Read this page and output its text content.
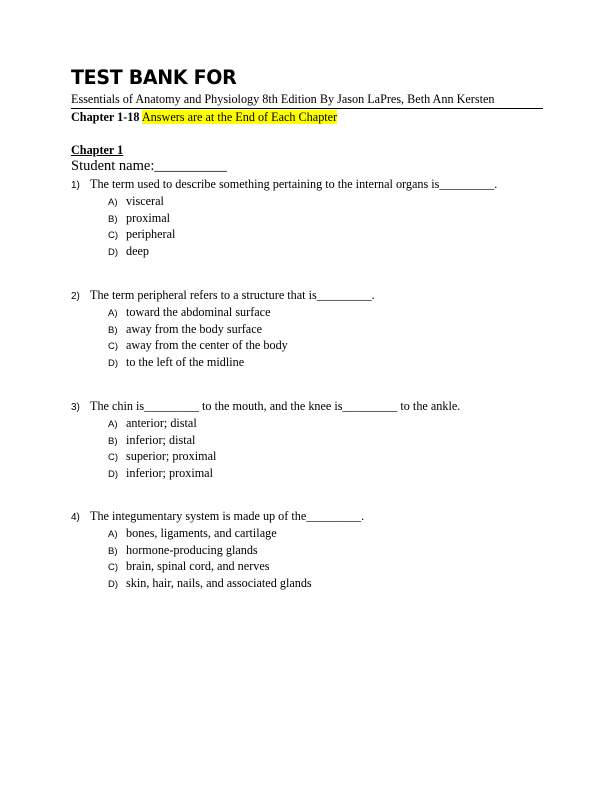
TEST BANK FOR
Essentials of Anatomy and Physiology 8th Edition By Jason LaPres, Beth Ann Kersten
Chapter 1-18 Answers are at the End of Each Chapter
Chapter 1
Student name:__________
1) The term used to describe something pertaining to the internal organs is_________.
A) visceral
B) proximal
C) peripheral
D) deep
2) The term peripheral refers to a structure that is_________.
A) toward the abdominal surface
B) away from the body surface
C) away from the center of the body
D) to the left of the midline
3) The chin is_________ to the mouth, and the knee is_________ to the ankle.
A) anterior; distal
B) inferior; distal
C) superior; proximal
D) inferior; proximal
4) The integumentary system is made up of the_________.
A) bones, ligaments, and cartilage
B) hormone-producing glands
C) brain, spinal cord, and nerves
D) skin, hair, nails, and associated glands
